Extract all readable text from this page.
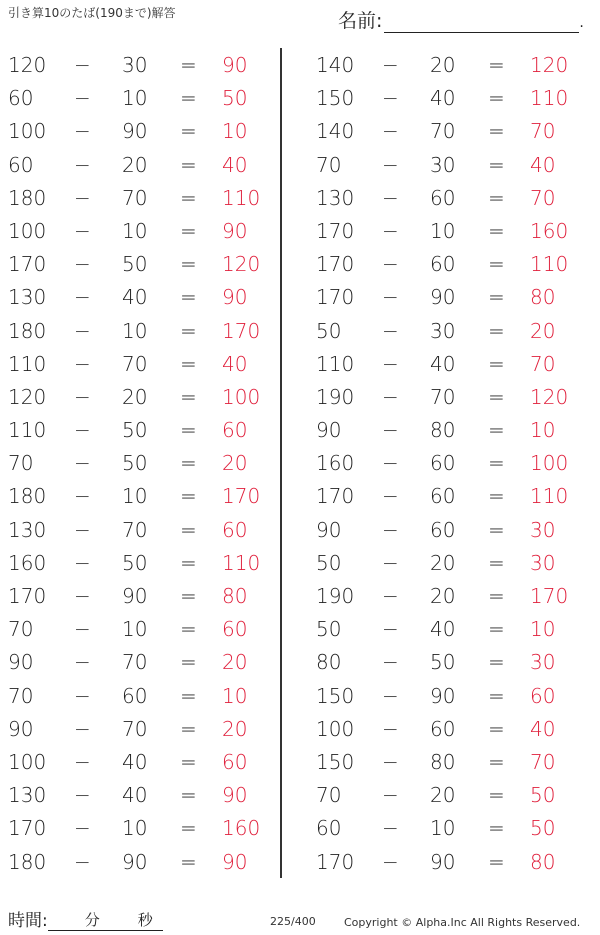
引き算10のたば(190まで)解答	名前:	.
120 − 30 = 90
60 − 10 = 50
100 − 90 = 10
60 − 20 = 40
180 − 70 = 110
100 − 10 = 90
170 − 50 = 120
130 − 40 = 90
180 − 10 = 170
110 − 70 = 40
120 − 20 = 100
110 − 50 = 60
70 − 50 = 20
180 − 10 = 170
130 − 70 = 60
160 − 50 = 110
170 − 90 = 80
70 − 10 = 60
90 − 70 = 20
70 − 60 = 10
90 − 70 = 20
100 − 40 = 60
130 − 40 = 90
170 − 10 = 160
180 − 90 = 90
140 − 20 = 120
150 − 40 = 110
140 − 70 = 70
70 − 30 = 40
130 − 60 = 70
170 − 10 = 160
170 − 60 = 110
170 − 90 = 80
50 − 30 = 20
110 − 40 = 70
190 − 70 = 120
90 − 80 = 10
160 − 60 = 100
170 − 60 = 110
90 − 60 = 30
50 − 20 = 30
190 − 20 = 170
50 − 40 = 10
80 − 50 = 30
150 − 90 = 60
100 − 60 = 40
150 − 80 = 70
70 − 20 = 50
60 − 10 = 50
170 − 90 = 80
時間: 分	秒	225/400	Copyright © Alpha.Inc All Rights Reserved.
